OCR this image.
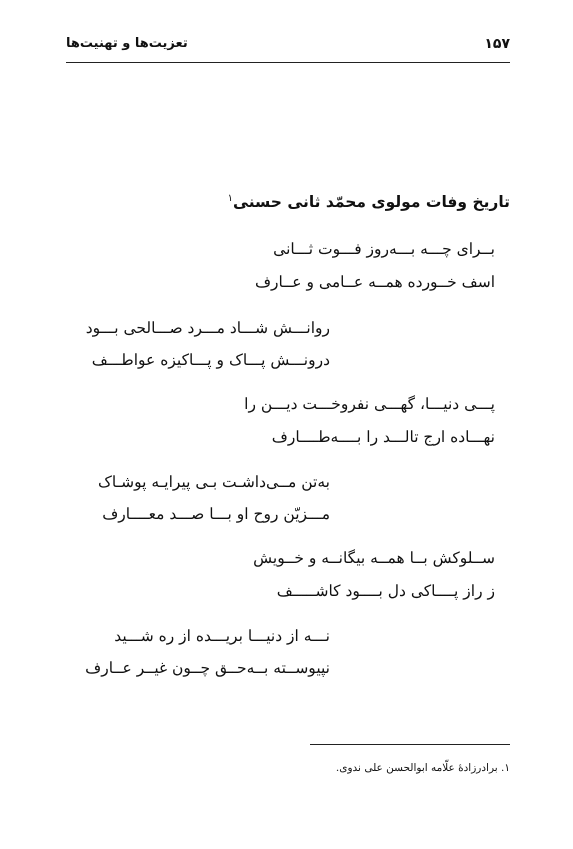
تعزیت‌ها و تهنیت‌ها	۱۵۷
تاریخ وفات مولوی محمّد ثانی حسنی$^۱$
بــرای چـــه بـــه‌روز فـــوت ثـــانی
اسف خــورده همــه عــامی و عــارف
روانـــش شـــاد مـــرد صـــالحی بـــود
درونـــش پـــاک و پـــاکیزه عواطـــف
پـــی دنیـــا، گهـــی نفروخـــت دیـــن را
نهـــاده ارج تالـــد را بــــه‌طــــارف
به‌تن مــی‌داشـت بـی پیرایـه پوشـاک
مـــزیّن روح او بـــا صـــد معــــارف
ســلوکش بــا همــه بیگانــه و خــویش
ز راز پــــاکی دل بــــود کاشـــــف
نـــه از دنیـــا بریـــده از ره شـــید
نپیوســته بــه‌حــق چــون غیــر عــارف
۱. برادرزادهٔ علّامه ابوالحسن علی ندوی.
